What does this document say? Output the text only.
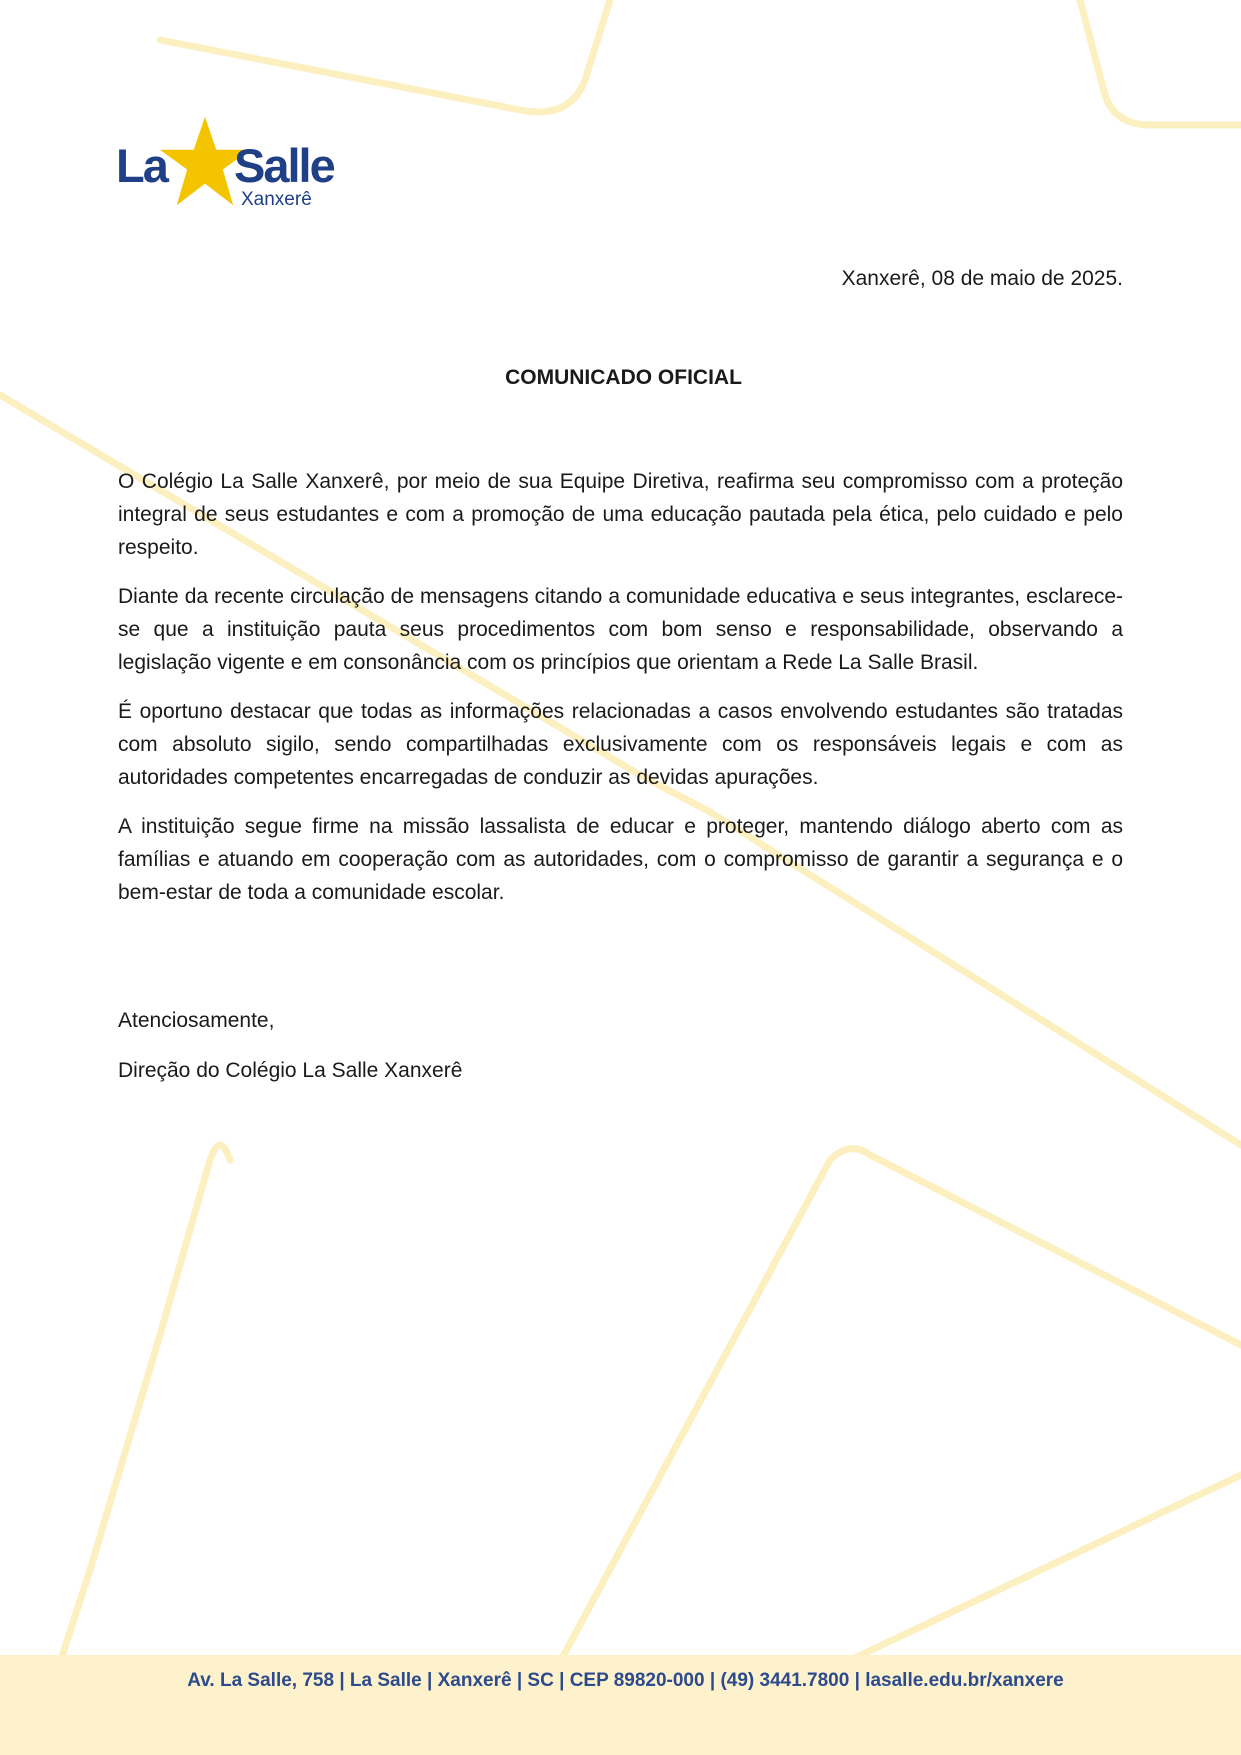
La Salle
Xanxerê
Xanxerê, 08 de maio de 2025.
COMUNICADO OFICIAL

O Colégio La Salle Xanxerê, por meio de sua Equipe Diretiva, reafirma seu compromisso com a proteção integral de seus estudantes e com a promoção de uma educação pautada pela ética, pelo cuidado e pelo respeito.

Diante da recente circulação de mensagens citando a comunidade educativa e seus integrantes, esclarece-se que a instituição pauta seus procedimentos com bom senso e responsabilidade, observando a legislação vigente e em consonância com os princípios que orientam a Rede La Salle Brasil.

É oportuno destacar que todas as informações relacionadas a casos envolvendo estudantes são tratadas com absoluto sigilo, sendo compartilhadas exclusivamente com os responsáveis legais e com as autoridades competentes encarregadas de conduzir as devidas apurações.

A instituição segue firme na missão lassalista de educar e proteger, mantendo diálogo aberto com as famílias e atuando em cooperação com as autoridades, com o compromisso de garantir a segurança e o bem-estar de toda a comunidade escolar.

Atenciosamente,
Direção do Colégio La Salle Xanxerê
Av. La Salle, 758 | La Salle | Xanxerê | SC | CEP 89820-000 | (49) 3441.7800 | lasalle.edu.br/xanxere
